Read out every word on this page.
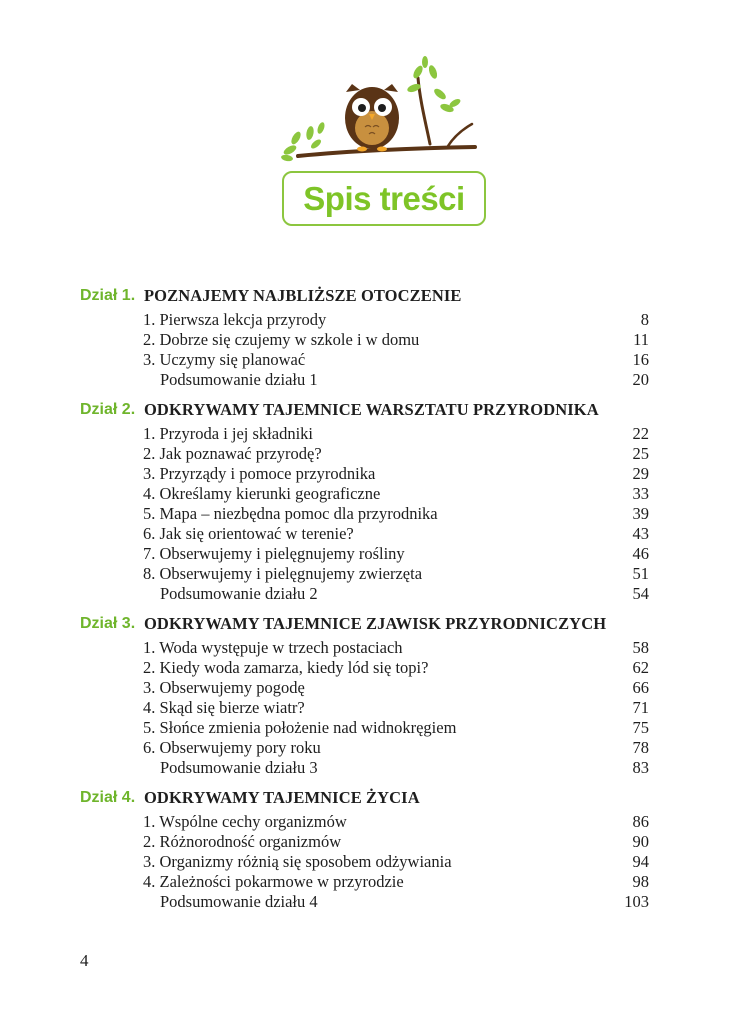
Spis treści
Dział 1. POZNAJEMY NAJBLIŻSZE OTOCZENIE
1. Pierwsza lekcja przyrody	8
2. Dobrze się czujemy w szkole i w domu	11
3. Uczymy się planować	16
Podsumowanie działu 1	20
Dział 2. ODKRYWAMY TAJEMNICE WARSZTATU PRZYRODNIKA
1. Przyroda i jej składniki	22
2. Jak poznawać przyrodę?	25
3. Przyrządy i pomoce przyrodnika	29
4. Określamy kierunki geograficzne	33
5. Mapa – niezbędna pomoc dla przyrodnika	39
6. Jak się orientować w terenie?	43
7. Obserwujemy i pielęgnujemy rośliny	46
8. Obserwujemy i pielęgnujemy zwierzęta	51
Podsumowanie działu 2	54
Dział 3. ODKRYWAMY TAJEMNICE ZJAWISK PRZYRODNICZYCH
1. Woda występuje w trzech postaciach	58
2. Kiedy woda zamarza, kiedy lód się topi?	62
3. Obserwujemy pogodę	66
4. Skąd się bierze wiatr?	71
5. Słońce zmienia położenie nad widnokręgiem	75
6. Obserwujemy pory roku	78
Podsumowanie działu 3	83
Dział 4. ODKRYWAMY TAJEMNICE ŻYCIA
1. Wspólne cechy organizmów	86
2. Różnorodność organizmów	90
3. Organizmy różnią się sposobem odżywiania	94
4. Zależności pokarmowe w przyrodzie	98
Podsumowanie działu 4	103
4
